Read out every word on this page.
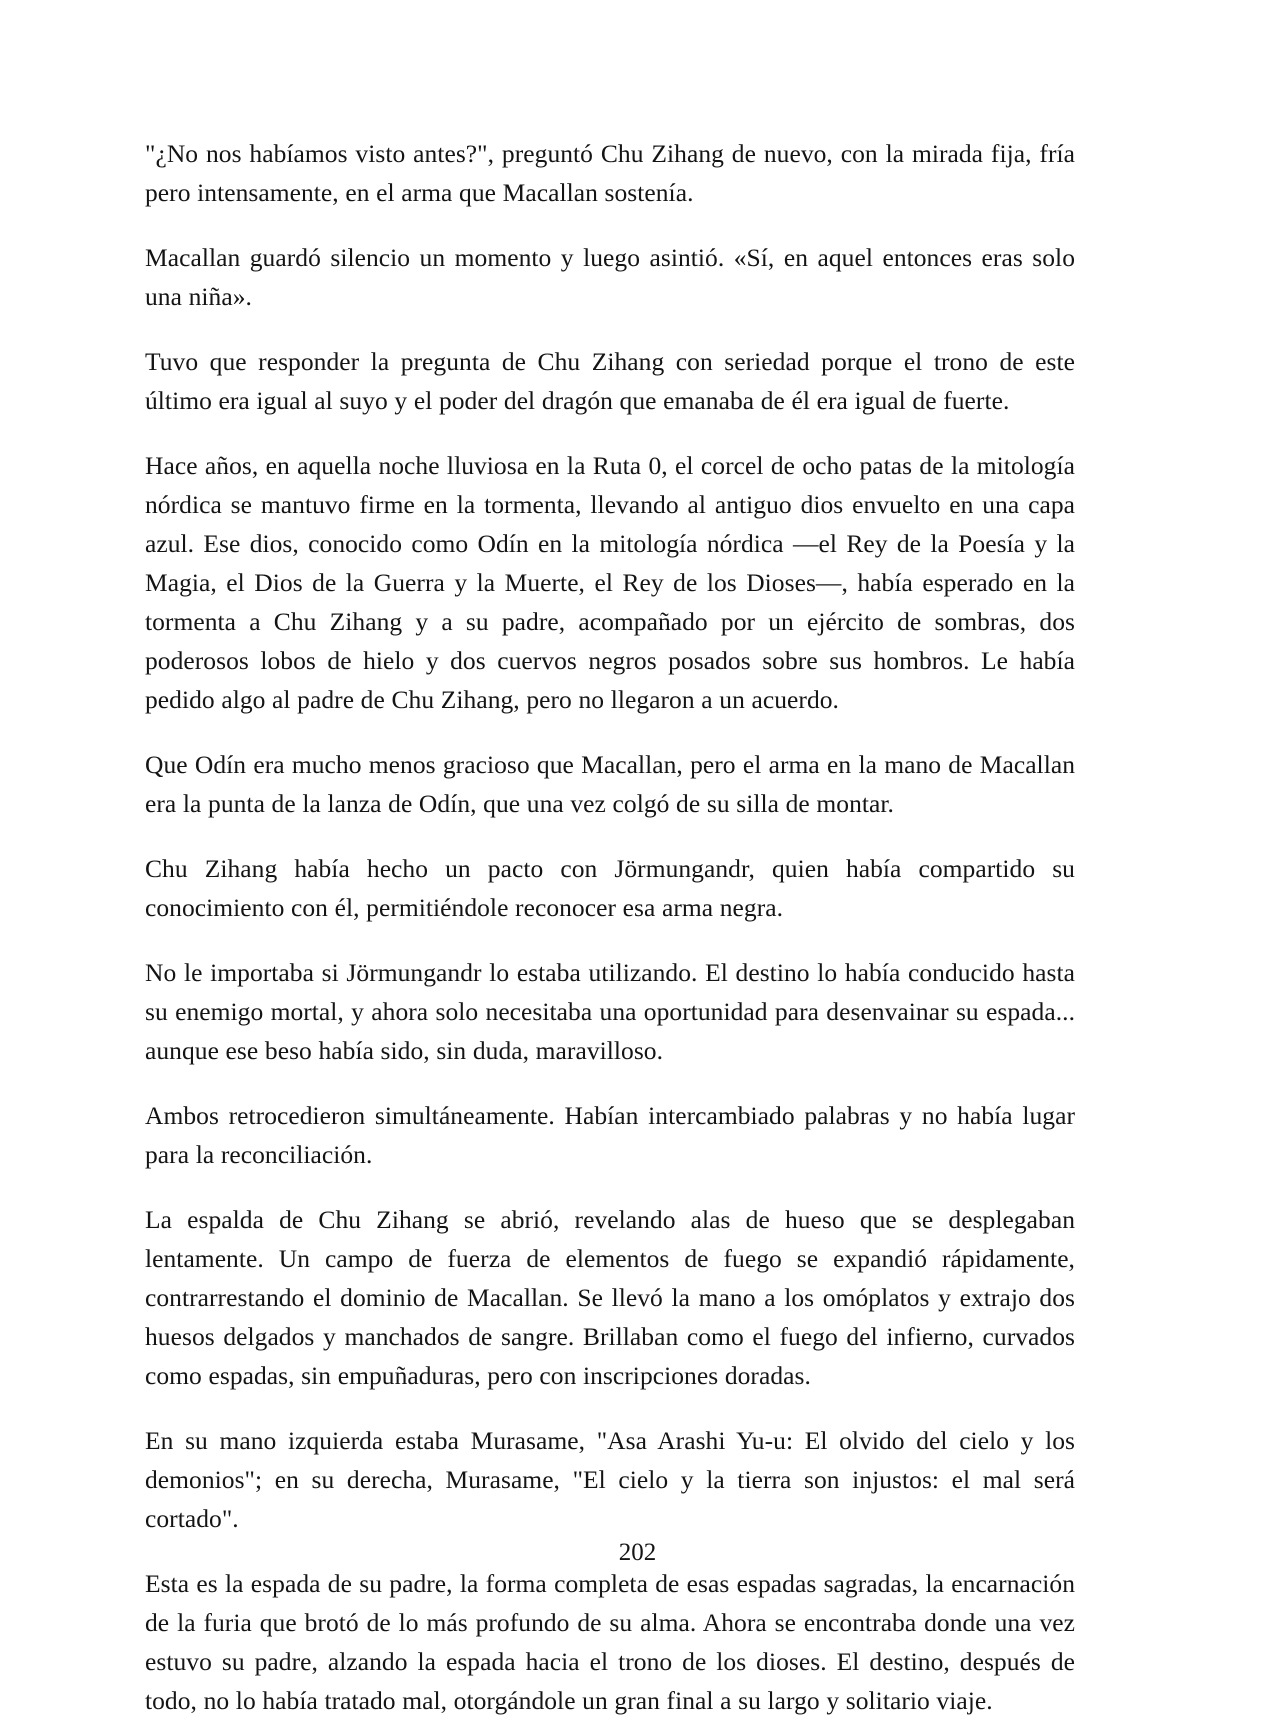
"¿No nos habíamos visto antes?", preguntó Chu Zihang de nuevo, con la mirada fija, fría pero intensamente, en el arma que Macallan sostenía.

Macallan guardó silencio un momento y luego asintió. «Sí, en aquel entonces eras solo una niña».

Tuvo que responder la pregunta de Chu Zihang con seriedad porque el trono de este último era igual al suyo y el poder del dragón que emanaba de él era igual de fuerte.

Hace años, en aquella noche lluviosa en la Ruta 0, el corcel de ocho patas de la mitología nórdica se mantuvo firme en la tormenta, llevando al antiguo dios envuelto en una capa azul. Ese dios, conocido como Odín en la mitología nórdica —el Rey de la Poesía y la Magia, el Dios de la Guerra y la Muerte, el Rey de los Dioses—, había esperado en la tormenta a Chu Zihang y a su padre, acompañado por un ejército de sombras, dos poderosos lobos de hielo y dos cuervos negros posados sobre sus hombros. Le había pedido algo al padre de Chu Zihang, pero no llegaron a un acuerdo.

Que Odín era mucho menos gracioso que Macallan, pero el arma en la mano de Macallan era la punta de la lanza de Odín, que una vez colgó de su silla de montar.

Chu Zihang había hecho un pacto con Jörmungandr, quien había compartido su conocimiento con él, permitiéndole reconocer esa arma negra.

No le importaba si Jörmungandr lo estaba utilizando. El destino lo había conducido hasta su enemigo mortal, y ahora solo necesitaba una oportunidad para desenvainar su espada... aunque ese beso había sido, sin duda, maravilloso.

Ambos retrocedieron simultáneamente. Habían intercambiado palabras y no había lugar para la reconciliación.

La espalda de Chu Zihang se abrió, revelando alas de hueso que se desplegaban lentamente. Un campo de fuerza de elementos de fuego se expandió rápidamente, contrarrestando el dominio de Macallan. Se llevó la mano a los omóplatos y extrajo dos huesos delgados y manchados de sangre. Brillaban como el fuego del infierno, curvados como espadas, sin empuñaduras, pero con inscripciones doradas.

En su mano izquierda estaba Murasame, "Asa Arashi Yu-u: El olvido del cielo y los demonios"; en su derecha, Murasame, "El cielo y la tierra son injustos: el mal será cortado".

Esta es la espada de su padre, la forma completa de esas espadas sagradas, la encarnación de la furia que brotó de lo más profundo de su alma. Ahora se encontraba donde una vez estuvo su padre, alzando la espada hacia el trono de los dioses. El destino, después de todo, no lo había tratado mal, otorgándole un gran final a su largo y solitario viaje.

202
